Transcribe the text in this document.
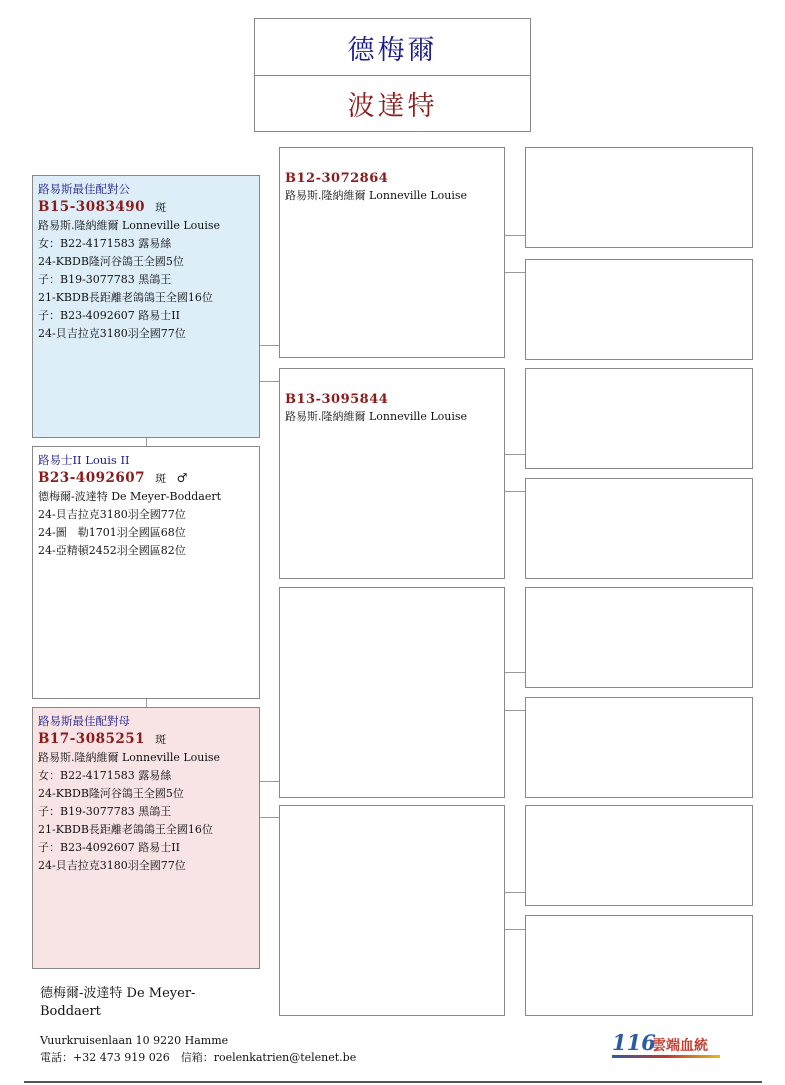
德梅爾
波達特
路易斯最佳配對公
B15-3083490 斑
路易斯.隆納維爾 Lonneville Louise
女：B22-4171583 露易絲
24-KBDB隆河谷鴿王全國5位
子：B19-3077783 黑鴿王
21-KBDB長距離老鴿鴿王全國16位
子：B23-4092607 路易士II
24-貝吉拉克3180羽全國77位
路易士II Louis II
B23-4092607 斑 ♂
德梅爾-波達特 De Meyer-Boddaert
24-貝吉拉克3180羽全國77位
24-圖　勒1701羽全國區68位
24-亞精頓2452羽全國區82位
路易斯最佳配對母
B17-3085251 斑
路易斯.隆納維爾 Lonneville Louise
女：B22-4171583 露易絲
24-KBDB隆河谷鴿王全國5位
子：B19-3077783 黑鴿王
21-KBDB長距離老鴿鴿王全國16位
子：B23-4092607 路易士II
24-貝吉拉克3180羽全國77位
B12-3072864
路易斯.隆納維爾 Lonneville Louise
B13-3095844
路易斯.隆納維爾 Lonneville Louise
德梅爾-波達特 De Meyer-Boddaert
Vuurkruisenlaan 10 9220 Hamme
電話：+32 473 919 026　信箱：roelenkatrien@telenet.be
116
雲端血統
